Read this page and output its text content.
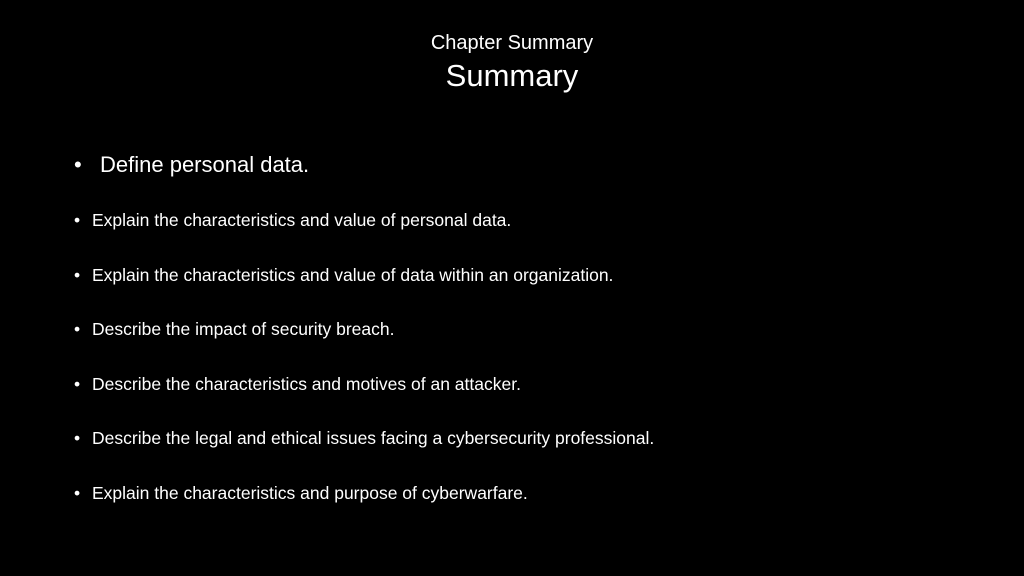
Chapter Summary
Summary
• Define personal data.
• Explain the characteristics and value of personal data.
• Explain the characteristics and value of data within an organization.
• Describe the impact of security breach.
• Describe the characteristics and motives of an attacker.
• Describe the legal and ethical issues facing a cybersecurity professional.
• Explain the characteristics and purpose of cyberwarfare.
